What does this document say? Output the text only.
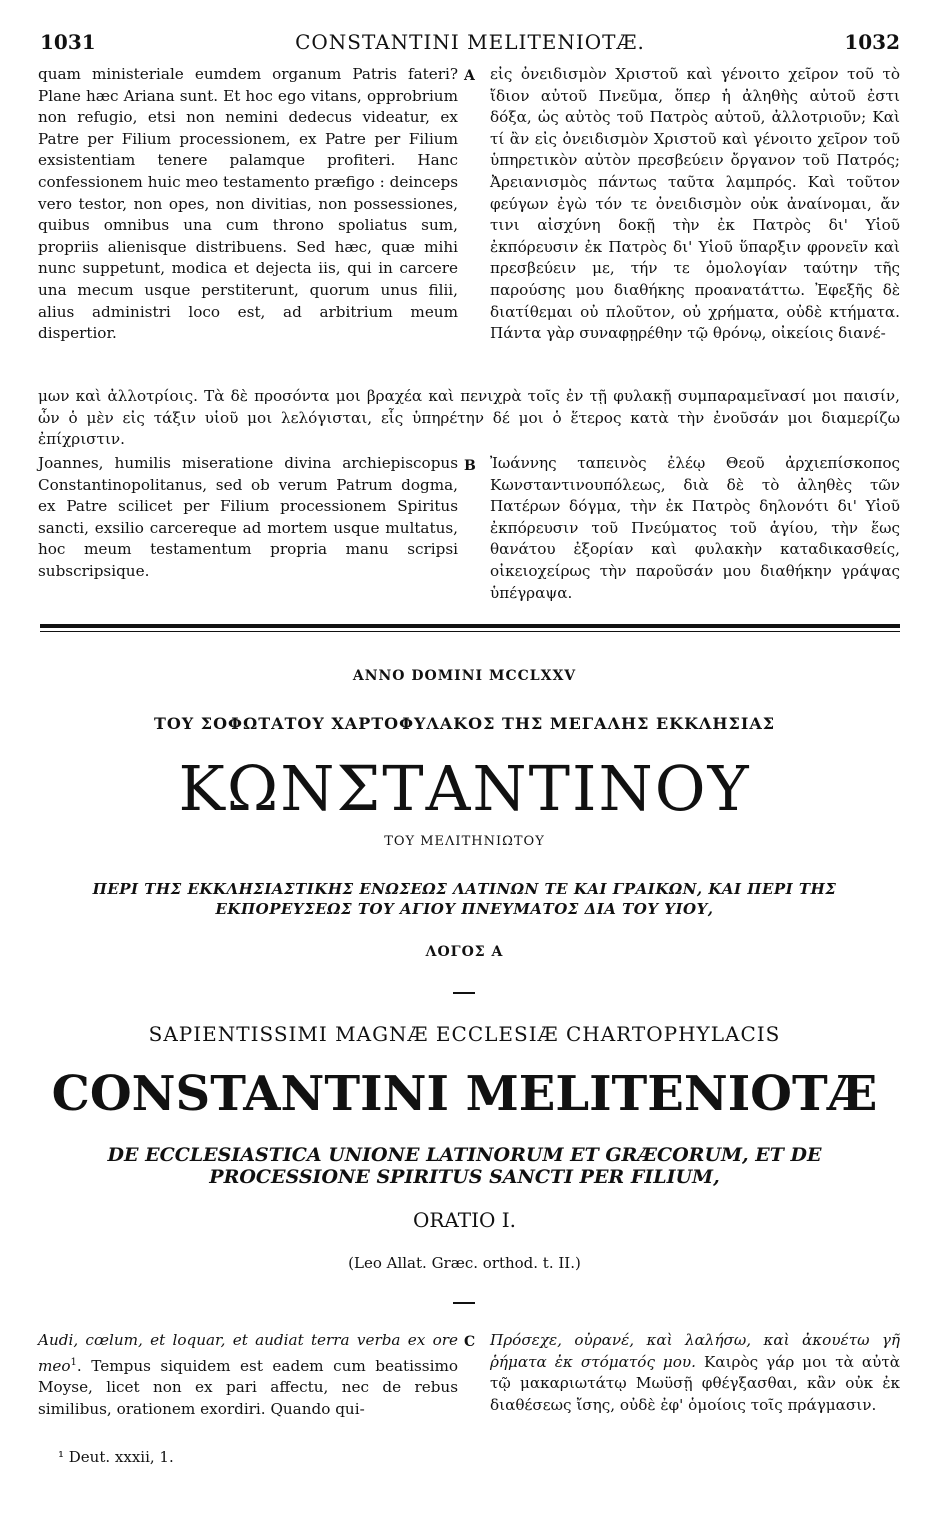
1031	CONSTANTINI MELITENIOTÆ.	1032
quam ministeriale eumdem organum Patris fateri? Plane hæc Ariana sunt. Et hoc ego vitans, opprobrium non refugio, etsi non nemini dedecus videatur, ex Patre per Filium processionem, ex Patre per Filium exsistentiam tenere palamque profiteri. Hanc confessionem huic meo testamento præfigo : deinceps vero testor, non opes, non divitias, non possessiones, quibus omnibus una cum throno spoliatus sum, propriis alienisque distribuens. Sed hæc, quæ mihi nunc suppetunt, modica et dejecta iis, qui in carcere una mecum usque perstiterunt, quorum unus filii, alius administri loco est, ad arbitrium meum dispertior.
A εἰς ὀνειδισμὸν Χριστοῦ καὶ γένοιτο χεῖρον τοῦ τὸ ἴδιον αὐτοῦ Πνεῦμα, ὅπερ ἡ ἀληθὴς αὐτοῦ ἐστι δόξα, ὡς αὐτὸς τοῦ Πατρὸς αὐτοῦ, ἀλλοτριοῦν; Καὶ τί ἂν εἰς ὀνειδισμὸν Χριστοῦ καὶ γένοιτο χεῖρον τοῦ ὑπηρετικὸν αὐτὸν πρεσβεύειν ὄργανον τοῦ Πατρός; Ἀρειανισμὸς πάντως ταῦτα λαμπρός. Καὶ τοῦτον φεύγων ἐγὼ τόν τε ὀνειδισμὸν οὐκ ἀναίνομαι, ἄν τινι αἰσχύνη δοκῇ τὴν ἐκ Πατρὸς δι' Υἱοῦ ἐκπόρευσιν ἐκ Πατρὸς δι' Υἱοῦ ὕπαρξιν φρονεῖν καὶ πρεσβεύειν με, τήν τε ὁμολογίαν ταύτην τῆς παρούσης μου διαθήκης προανατάττω. Ἐφεξῆς δὲ διατίθεμαι οὐ πλοῦτον, οὐ χρήματα, οὐδὲ κτήματα. Πάντα γὰρ συναφῃρέθην τῷ θρόνῳ, οἰκείοις διανέ-
μων καὶ ἀλλοτρίοις. Τὰ δὲ προσόντα μοι βραχέα καὶ πενιχρὰ τοῖς ἐν τῇ φυλακῇ συμπαραμεῖνασί μοι παισίν, ὧν ὁ μὲν εἰς τάξιν υἱοῦ μοι λελόγισται, εἷς ὑπηρέτην δέ μοι ὁ ἕτερος κατὰ τὴν ἐνοῦσάν μοι διαμερίζω ἐπίχριστιν.
Joannes, humilis miseratione divina archiepiscopus Constantinopolitanus, sed ob verum Patrum dogma, ex Patre scilicet per Filium processionem Spiritus sancti, exsilio carcereque ad mortem usque multatus, hoc meum testamentum propria manu scripsi subscripsique.
B Ἰωάννης ταπεινὸς ἐλέῳ Θεοῦ ἀρχιεπίσκοπος Κωνσταντινουπόλεως, διὰ δὲ τὸ ἀληθὲς τῶν Πατέρων δόγμα, τὴν ἐκ Πατρὸς δηλονότι δι' Υἱοῦ ἐκπόρευσιν τοῦ Πνεύματος τοῦ ἁγίου, τὴν ἕως θανάτου ἐξορίαν καὶ φυλακὴν καταδικασθείς, οἰκειοχείρως τὴν παροῦσάν μου διαθήκην γράψας ὑπέγραψα.
ANNO DOMINI MCCLXXV
ΤΟΥ ΣΟΦΩΤΑΤΟΥ ΧΑΡΤΟΦΥΛΑΚΟΣ ΤΗΣ ΜΕΓΑΛΗΣ ΕΚΚΛΗΣΙΑΣ
ΚΩΝΣΤΑΝΤΙΝΟΥ
ΤΟΥ ΜΕΛΙΤΗΝΙΩΤΟΥ
ΠΕΡΙ ΤΗΣ ΕΚΚΛΗΣΙΑΣΤΙΚΗΣ ΕΝΩΣΕΩΣ ΛΑΤΙΝΩΝ ΤΕ ΚΑΙ ΓΡΑΙΚΩΝ, ΚΑΙ ΠΕΡΙ ΤΗΣ
ΕΚΠΟΡΕΥΣΕΩΣ ΤΟΥ ΑΓΙΟΥ ΠΝΕΥΜΑΤΟΣ ΔΙΑ ΤΟΥ ΥΙΟΥ,
ΛΟΓΟΣ Α
SAPIENTISSIMI MAGNÆ ECCLESIÆ CHARTOPHYLACIS
CONSTANTINI MELITENIOTÆ
DE ECCLESIASTICA UNIONE LATINORUM ET GRÆCORUM, ET DE
PROCESSIONE SPIRITUS SANCTI PER FILIUM,
ORATIO I.
(Leo Allat. Græc. orthod. t. II.)
Audi, cœlum, et loquar, et audiat terra verba ex ore meo$^1$. Tempus siquidem est eadem cum beatissimo Moyse, licet non ex pari affectu, nec de rebus similibus, orationem exordiri. Quando qui-
C Πρόσεχε, οὐρανέ, καὶ λαλήσω, καὶ ἀκουέτω γῆ ῥήματα ἐκ στόματός μου. Καιρὸς γάρ μοι τὰ αὐτὰ τῷ μακαριωτάτῳ Μωϋσῇ φθέγξασθαι, κἂν οὐκ ἐκ διαθέσεως ἴσης, οὐδὲ ἐφ' ὁμοίοις τοῖς πράγμασιν.
¹ Deut. xxxii, 1.
